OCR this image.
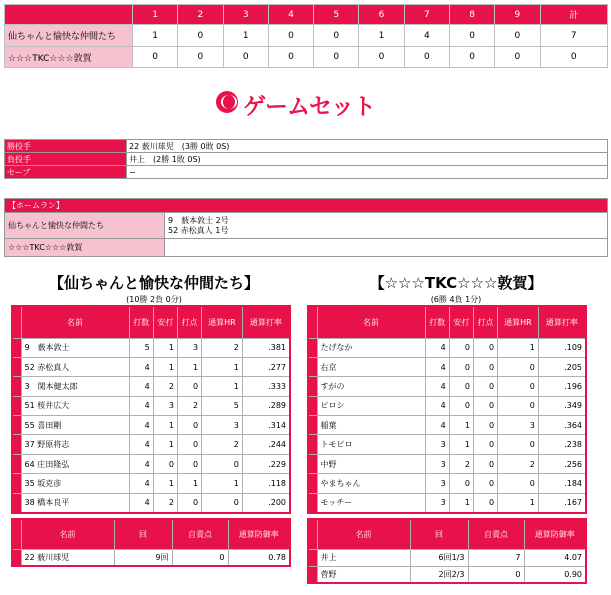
	1	2	3	4	5	6	7	8	9	計
仙ちゃんと愉快な仲間たち	1	0	1	0	0	1	4	0	0	7
☆☆☆TKC☆☆☆敦賀	0	0	0	0	0	0	0	0	0	0
ゲームセット
勝投手	22 薮川球児　(3勝 0敗 0S)
負投手	井上　(2勝 1敗 0S)
セーブ	−
【ホームラン】	
仙ちゃんと愉快な仲間たち	9　薮本敦士 2号
52 赤松真人 1号

☆☆☆TKC☆☆☆敦賀	
【仙ちゃんと愉快な仲間たち】
(10勝 2負 0分)
【☆☆☆TKC☆☆☆敦賀】
(6勝 4負 1分)
	名前	打数	安打	打点	通算HR	通算打率
	9　薮本敦士	5	1	3	2	.381
	52 赤松真人	4	1	1	1	.277
	3　関本健太郎	4	2	0	1	.333
	51 桜井広大	4	3	2	5	.289
	55 喜田剛	4	1	0	3	.314
	37 野原将志	4	1	0	2	.244
	64 庄田隆弘	4	0	0	0	.229
	35 坂克彦	4	1	1	1	.118
	38 橋本良平	4	2	0	0	.200
	名前	打数	安打	打点	通算HR	通算打率
	たげなか	4	0	0	1	.109
	右京	4	0	0	0	.205
	すがの	4	0	0	0	.196
	ピロシ	4	0	0	0	.349
	稲葉	4	1	0	3	.364
	トモピロ	3	1	0	0	.238
	中野	3	2	0	2	.256
	やまちゃん	3	0	0	0	.184
	モッチー	3	1	0	1	.167
	名前	回	自責点	通算防御率
	22 薮川球児	9回	0	0.78
	名前	回	自責点	通算防御率
	井上	6回1/3	7	4.07
	菅野	2回2/3	0	0.90
